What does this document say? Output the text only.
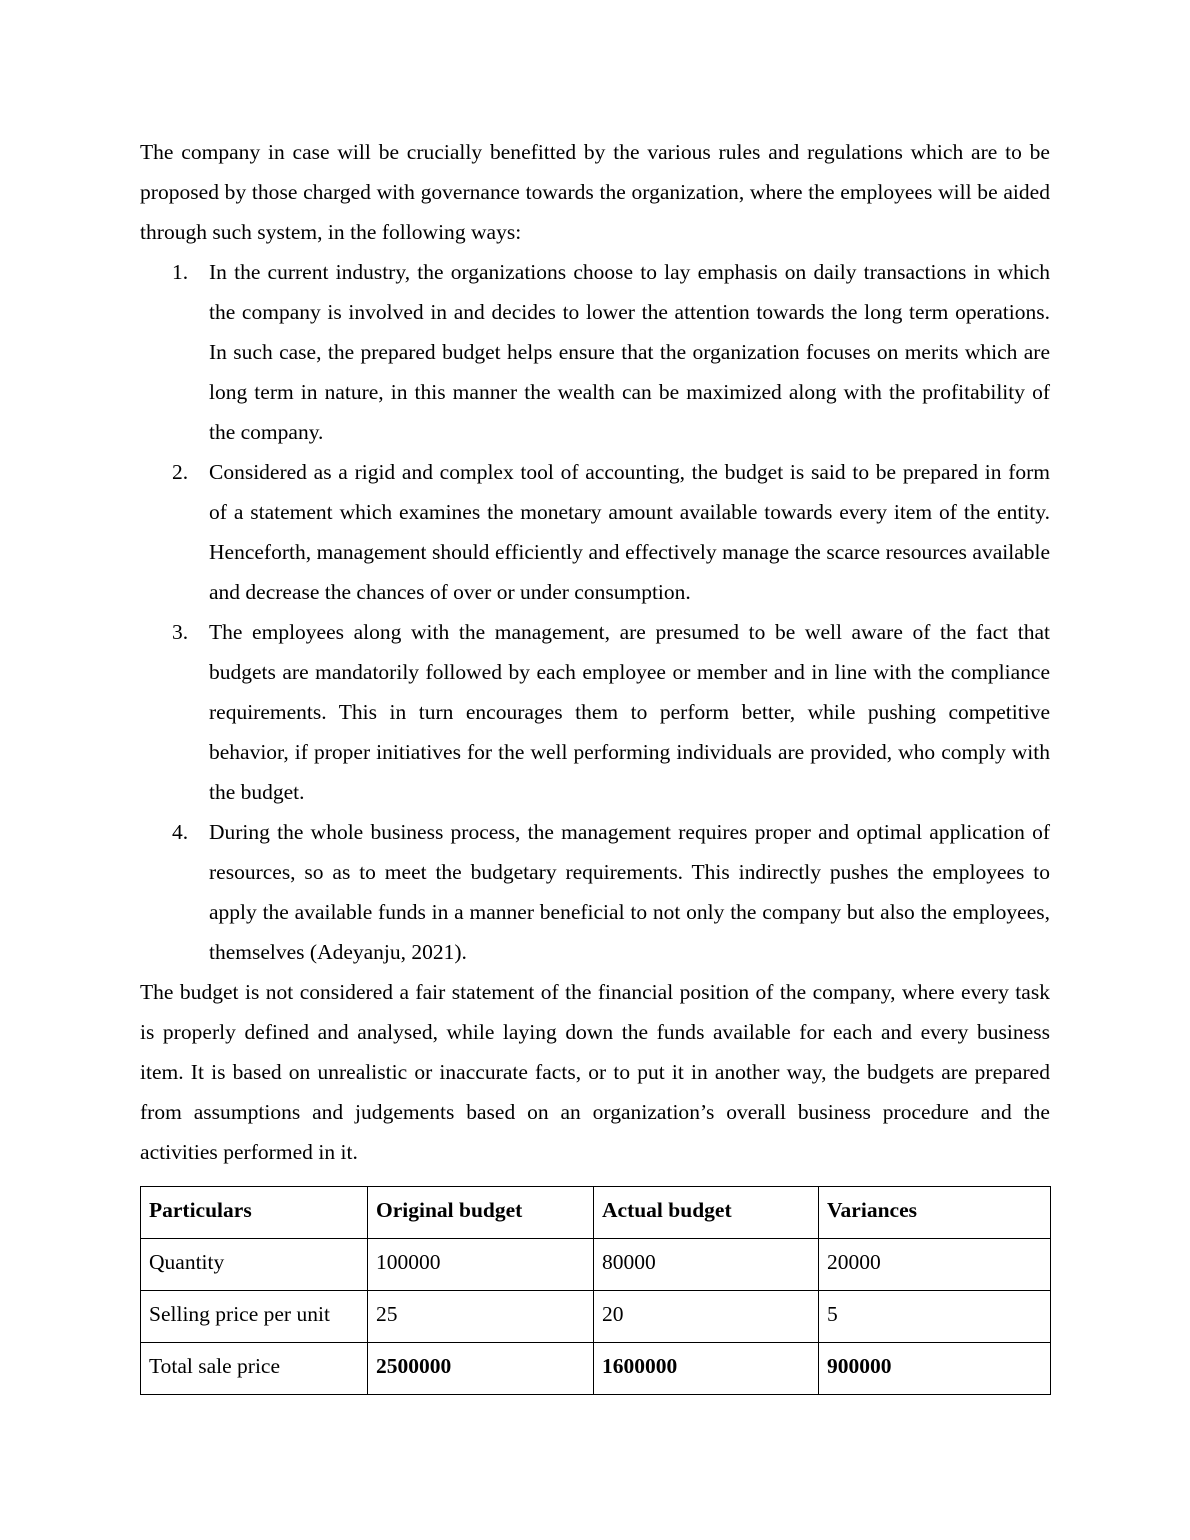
The company in case will be crucially benefitted by the various rules and regulations which are to be proposed by those charged with governance towards the organization, where the employees will be aided through such system, in the following ways:

In the current industry, the organizations choose to lay emphasis on daily transactions in which the company is involved in and decides to lower the attention towards the long term operations. In such case, the prepared budget helps ensure that the organization focuses on merits which are long term in nature, in this manner the wealth can be maximized along with the profitability of the company.
Considered as a rigid and complex tool of accounting, the budget is said to be prepared in form of a statement which examines the monetary amount available towards every item of the entity. Henceforth, management should efficiently and effectively manage the scarce resources available and decrease the chances of over or under consumption.
The employees along with the management, are presumed to be well aware of the fact that budgets are mandatorily followed by each employee or member and in line with the compliance requirements. This in turn encourages them to perform better, while pushing competitive behavior, if proper initiatives for the well performing individuals are provided, who comply with the budget.
During the whole business process, the management requires proper and optimal application of resources, so as to meet the budgetary requirements. This indirectly pushes the employees to apply the available funds in a manner beneficial to not only the company but also the employees, themselves (Adeyanju, 2021).

The budget is not considered a fair statement of the financial position of the company, where every task is properly defined and analysed, while laying down the funds available for each and every business item. It is based on unrealistic or inaccurate facts, or to put it in another way, the budgets are prepared from assumptions and judgements based on an organization’s overall business procedure and the activities performed in it.

Particulars	Original budget	Actual budget	Variances
Quantity	100000	80000	20000
Selling price per unit	25	20	5
Total sale price	2500000	1600000	900000
